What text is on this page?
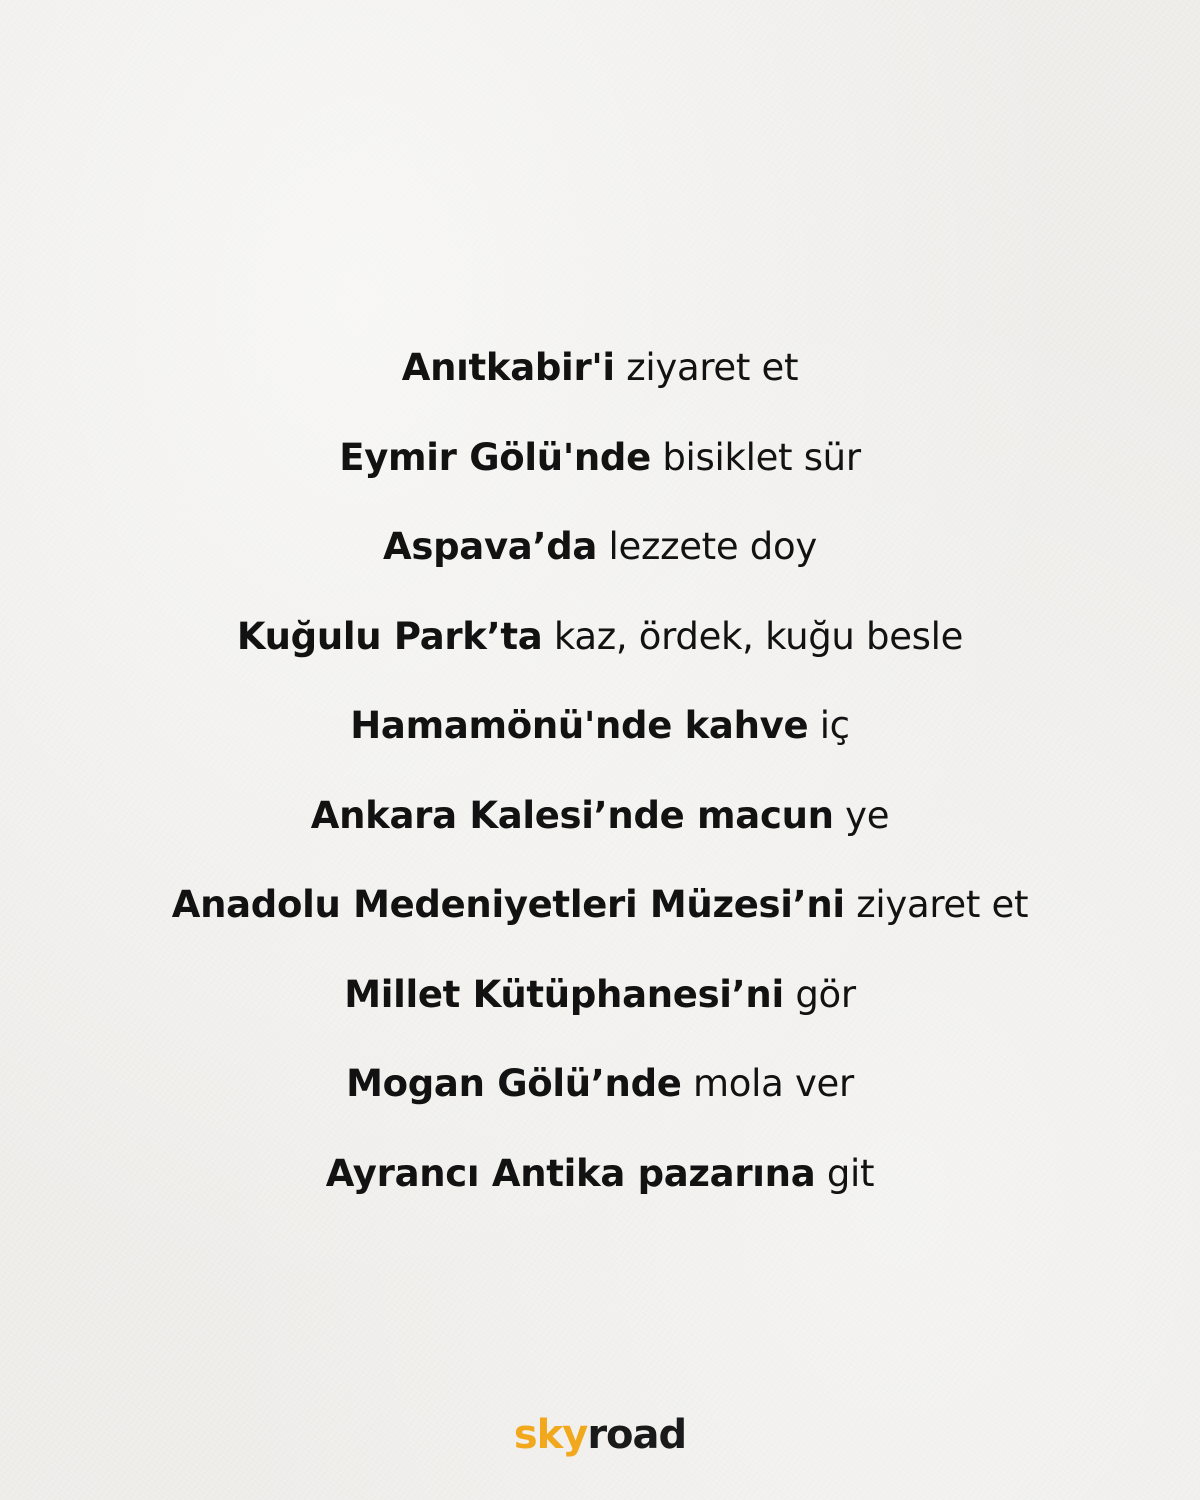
Anıtkabir'i ziyaret et
Eymir Gölü'nde bisiklet sür
Aspava’da lezzete doy
Kuğulu Park’ta kaz, ördek, kuğu besle
Hamamönü'nde kahve iç
Ankara Kalesi’nde macun ye
Anadolu Medeniyetleri Müzesi’ni ziyaret et
Millet Kütüphanesi’ni gör
Mogan Gölü’nde mola ver
Ayrancı Antika pazarına git
skyroad
